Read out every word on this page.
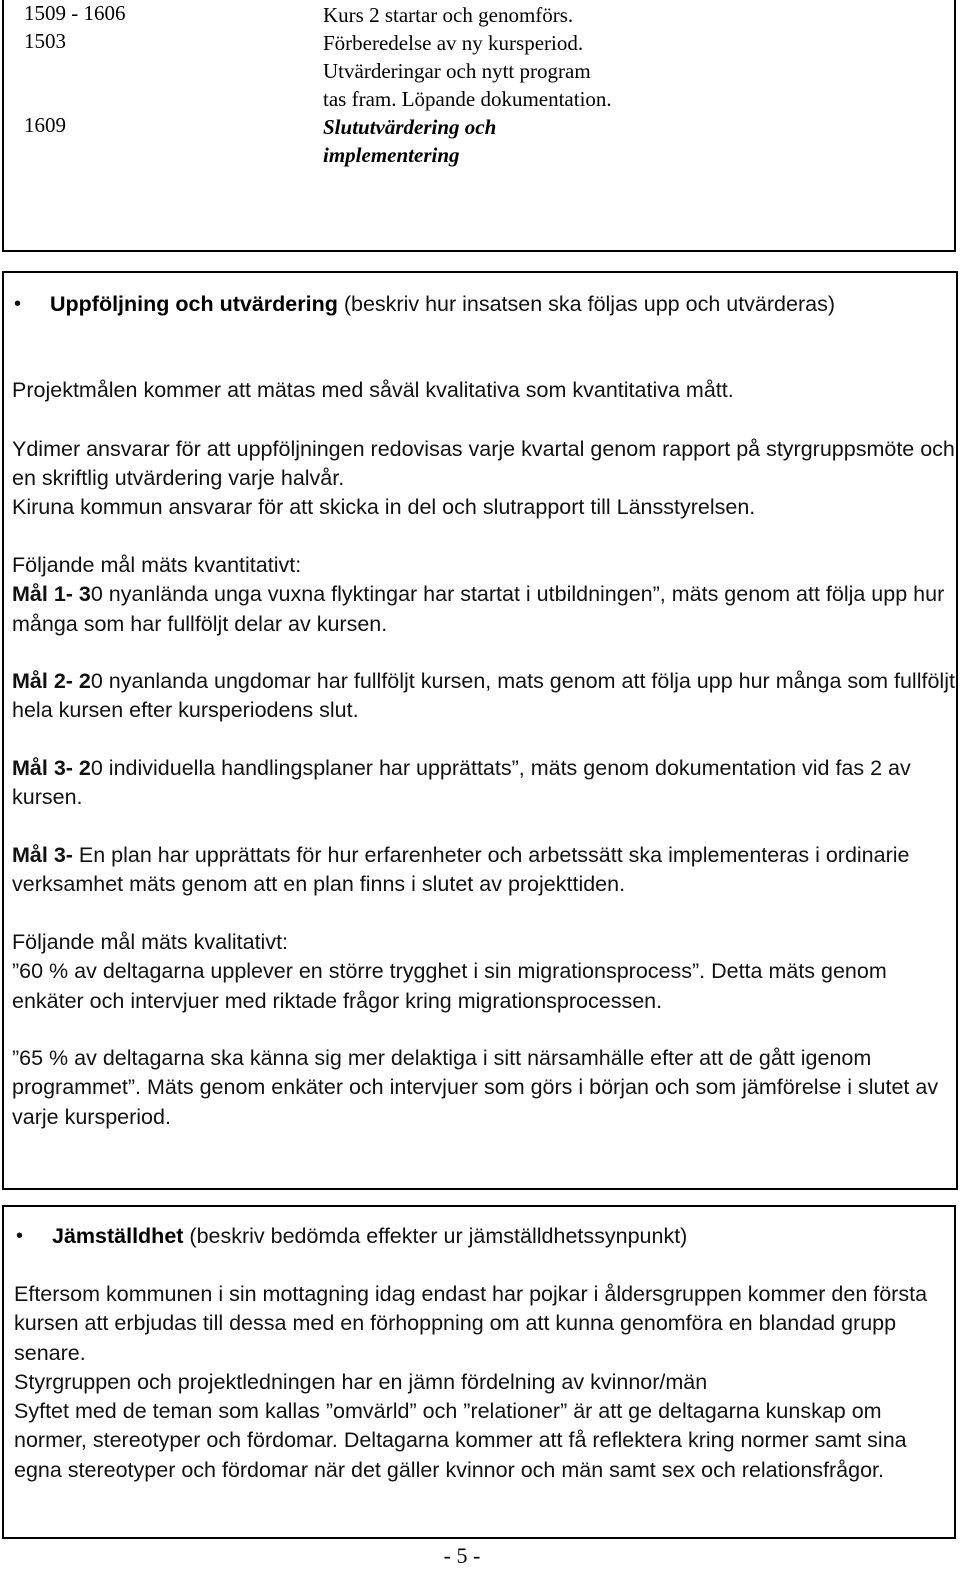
1509 - 1606	Kurs 2 startar och genomförs.
1503	Förberedelse av ny kursperiod.
Utvärderingar och nytt program
tas fram. Löpande dokumentation.
1609	Slututvärdering och
implementering
•	Uppföljning och utvärdering (beskriv hur insatsen ska följas upp och utvärderas)
Projektmålen kommer att mätas med såväl kvalitativa som kvantitativa mått.
Ydimer ansvarar för att uppföljningen redovisas varje kvartal genom rapport på styrgruppsmöte och en skriftlig utvärdering varje halvår.
Kiruna kommun ansvarar för att skicka in del och slutrapport till Länsstyrelsen.
Följande mål mäts kvantitativt:
Mål 1- 30 nyanlända unga vuxna flyktingar har startat i utbildningen”, mäts genom att följa upp hur många som har fullföljt delar av kursen.
Mål 2- 20 nyanlanda ungdomar har fullföljt kursen, mats genom att följa upp hur många som fullföljt hela kursen efter kursperiodens slut.
Mål 3- 20 individuella handlingsplaner har upprättats”, mäts genom dokumentation vid fas 2 av kursen.
Mål 3- En plan har upprättats för hur erfarenheter och arbetssätt ska implementeras i ordinarie verksamhet mäts genom att en plan finns i slutet av projekttiden.
Följande mål mäts kvalitativt:
”60 % av deltagarna upplever en större trygghet i sin migrationsprocess”. Detta mäts genom enkäter och intervjuer med riktade frågor kring migrationsprocessen.
”65 % av deltagarna ska känna sig mer delaktiga i sitt närsamhälle efter att de gått igenom programmet”. Mäts genom enkäter och intervjuer som görs i början och som jämförelse i slutet av varje kursperiod.
•	Jämställdhet (beskriv bedömda effekter ur jämställdhetssynpunkt)
Eftersom kommunen i sin mottagning idag endast har pojkar i åldersgruppen kommer den första kursen att erbjudas till dessa med en förhoppning om att kunna genomföra en blandad grupp senare.
Styrgruppen och projektledningen har en jämn fördelning av kvinnor/män
Syftet med de teman som kallas ”omvärld” och ”relationer” är att ge deltagarna kunskap om normer, stereotyper och fördomar. Deltagarna kommer att få reflektera kring normer samt sina egna stereotyper och fördomar när det gäller kvinnor och män samt sex och relationsfrågor.
- 5 -
